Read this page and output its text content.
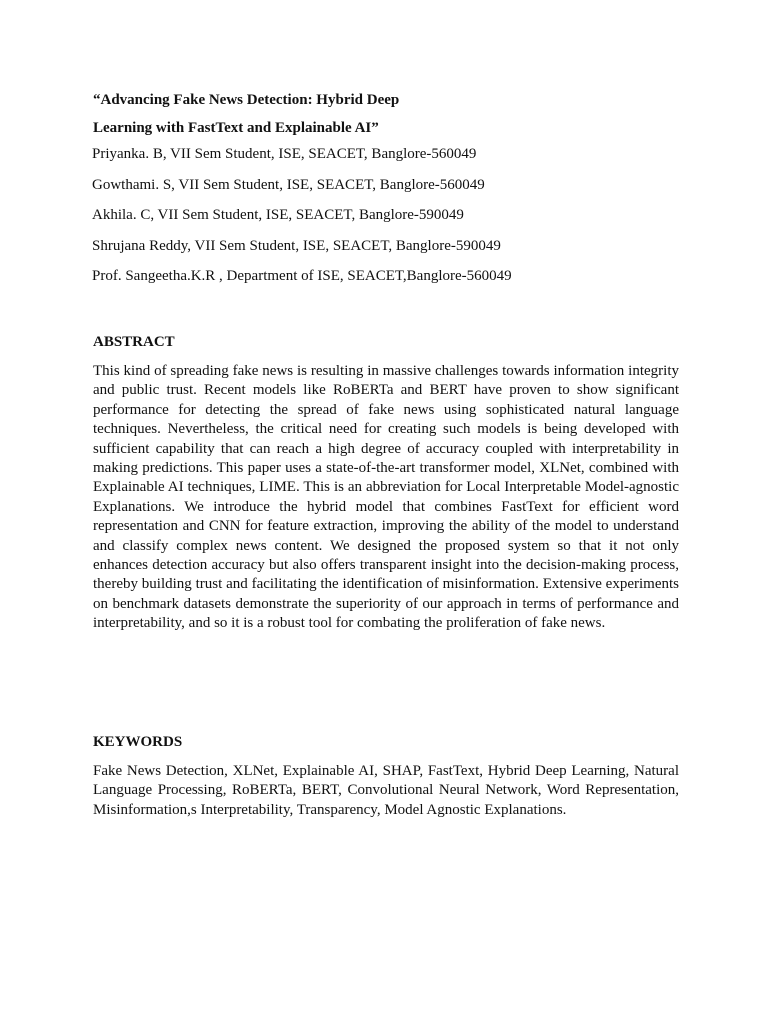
“Advancing Fake News Detection: Hybrid Deep
Learning with FastText and Explainable AI”
Priyanka. B, VII Sem Student, ISE, SEACET, Banglore-560049
Gowthami. S, VII Sem Student, ISE, SEACET, Banglore-560049
Akhila. C, VII Sem Student, ISE, SEACET, Banglore-590049
Shrujana Reddy, VII Sem Student, ISE, SEACET, Banglore-590049
Prof. Sangeetha.K.R , Department of ISE, SEACET,Banglore-560049
ABSTRACT

This kind of spreading fake news is resulting in massive challenges towards information integrity and public trust. Recent models like RoBERTa and BERT have proven to show significant performance for detecting the spread of fake news using sophisticated natural language techniques. Nevertheless, the critical need for creating such models is being developed with sufficient capability that can reach a high degree of accuracy coupled with interpretability in making predictions. This paper uses a state-of-the-art transformer model, XLNet, combined with Explainable AI techniques, LIME. This is an abbreviation for Local Interpretable Model-agnostic Explanations. We introduce the hybrid model that combines FastText for efficient word representation and CNN for feature extraction, improving the ability of the model to understand and classify complex news content. We designed the proposed system so that it not only enhances detection accuracy but also offers transparent insight into the decision-making process, thereby building trust and facilitating the identification of misinformation. Extensive experiments on benchmark datasets demonstrate the superiority of our approach in terms of performance and interpretability, and so it is a robust tool for combating the proliferation of fake news.

KEYWORDS

Fake News Detection, XLNet, Explainable AI, SHAP, FastText, Hybrid Deep Learning, Natural Language Processing, RoBERTa, BERT, Convolutional Neural Network, Word Representation, Misinformation,s Interpretability, Transparency, Model Agnostic Explanations.
